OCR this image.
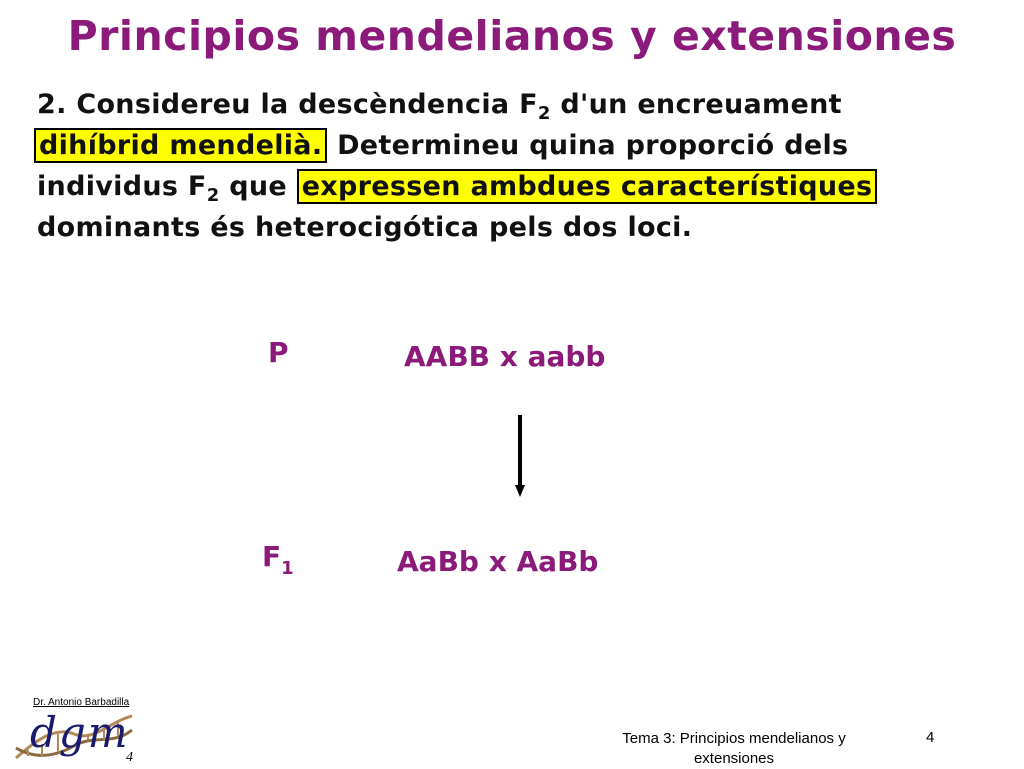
Principios mendelianos y extensiones
2. Considereu la descèndencia $F_2$ d'un encreuament
dihíbrid mendelià. Determineu quina proporció dels
individus $F_2$ que expressen ambdues característiques
dominants és heterocigótica pels dos loci.
P	AABB x aabb
$F_1$	AaBb x AaBb
Dr. Antonio Barbadilla
dgm
4
Tema 3: Principios mendelianos y extensiones
4
